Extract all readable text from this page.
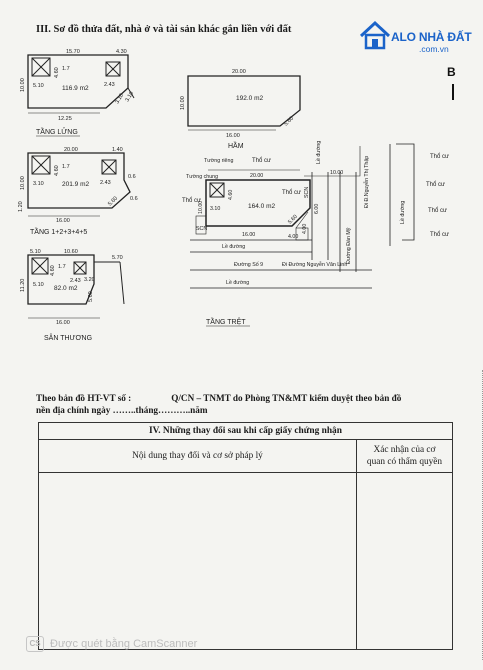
III. Sơ đồ thửa đất, nhà ở và tài sản khác gắn liền với đất
ALO NHÀ ĐẤT
.com.vn
B
15.70	4.30
10.00
4.60 1.7
2.43
5.10
12.25
3.10 3.10
116.9 m2
TẦNG LỬNG
20.00	1.40
10.00
4.60 1.7
2.43
3.10
16.00
1.20
0.6
5.60 0.6
201.9 m2
TẦNG 1+2+3+4+5
5.10	10.60
5.70
11.20
4.60 1.7
2.43
5.10
3.20
5.60
16.00
82.0 m2
SÂN THƯỢNG
20.00
10.00
16.00
5.60
192.0 m2
HẦM
20.00
10.00
4.60
3.10
16.00	4.00
5.60
4.00
6.00
164.0 m2
TẦNG TRỆT
10.00
Tường riêng
Tường chung
Thổ cư
Thổ cư
Thổ cư
Thổ cư
Thổ cư
Thổ cư
Thổ cư
Lề đường
Lề đường
Lề đường
Lề đường
Đường Số 9	Đi Đường Nguyễn Văn Linh
Đường Đàn Mỹ
Đi Đ.Nguyễn Thị Thập
SCN
SCN
Theo bản đồ HT-VT số :	Q/CN – TNMT do Phòng TN&MT kiểm duyệt theo bản đồ
nền địa chính ngày ……..tháng………..năm
IV. Những thay đổi sau khi cấp giấy chứng nhận
Nội dung thay đổi và cơ sở pháp lý
Xác nhận của cơ
quan có thẩm quyền
CS Được quét bằng CamScanner
